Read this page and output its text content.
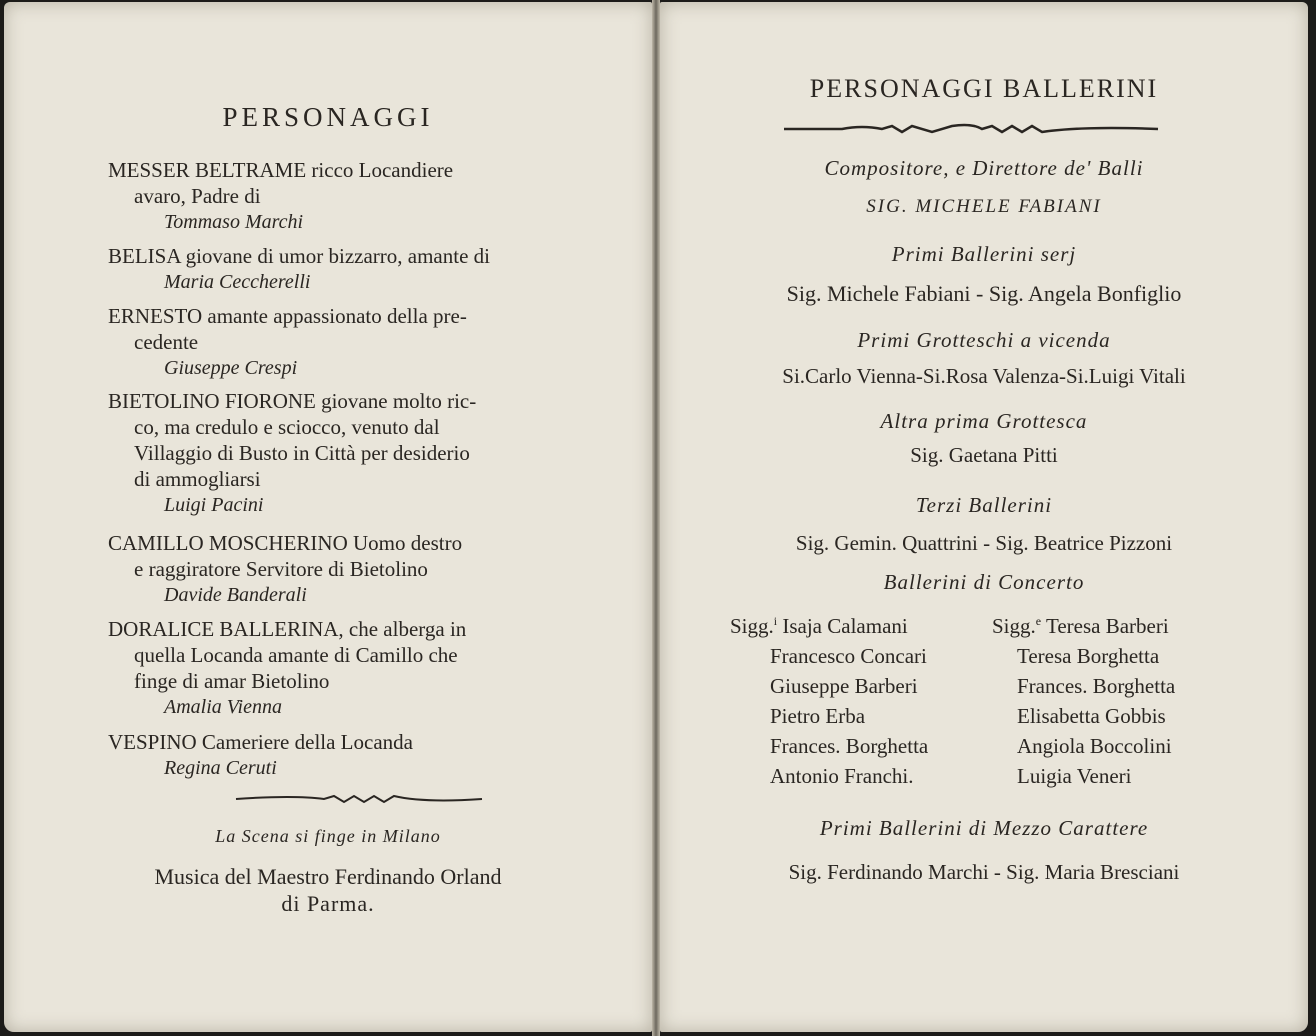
PERSONAGGI
MESSER BELTRAME ricco Locandiere
avaro, Padre di
Tommaso Marchi
BELISA giovane di umor bizzarro, amante di
Maria Ceccherelli
ERNESTO amante appassionato della pre-
cedente
Giuseppe Crespi
BIETOLINO FIORONE giovane molto ric-
co, ma credulo e sciocco, venuto dal
Villaggio di Busto in Città per desiderio
di ammogliarsi
Luigi Pacini
CAMILLO MOSCHERINO Uomo destro
e raggiratore Servitore di Bietolino
Davide Banderali
DORALICE BALLERINA, che alberga in
quella Locanda amante di Camillo che
finge di amar Bietolino
Amalia Vienna
VESPINO Cameriere della Locanda
Regina Ceruti
La Scena si finge in Milano
Musica del Maestro Ferdinando Orland
di Parma.
PERSONAGGI BALLERINI
Compositore, e Direttore de' Balli
SIG. MICHELE FABIANI
Primi Ballerini serj
Sig. Michele Fabiani - Sig. Angela Bonfiglio
Primi Grotteschi a vicenda
Si.Carlo Vienna-Si.Rosa Valenza-Si.Luigi Vitali
Altra prima Grottesca
Sig. Gaetana Pitti
Terzi Ballerini
Sig. Gemin. Quattrini - Sig. Beatrice Pizzoni
Ballerini di Concerto
Sigg.$^i$ Isaja Calamani
Francesco Concari
Giuseppe Barberi
Pietro Erba
Frances. Borghetta
Antonio Franchi.
Sigg.$^e$ Teresa Barberi
Teresa Borghetta
Frances. Borghetta
Elisabetta Gobbis
Angiola Boccolini
Luigia Veneri
Primi Ballerini di Mezzo Carattere
Sig. Ferdinando Marchi - Sig. Maria Bresciani
